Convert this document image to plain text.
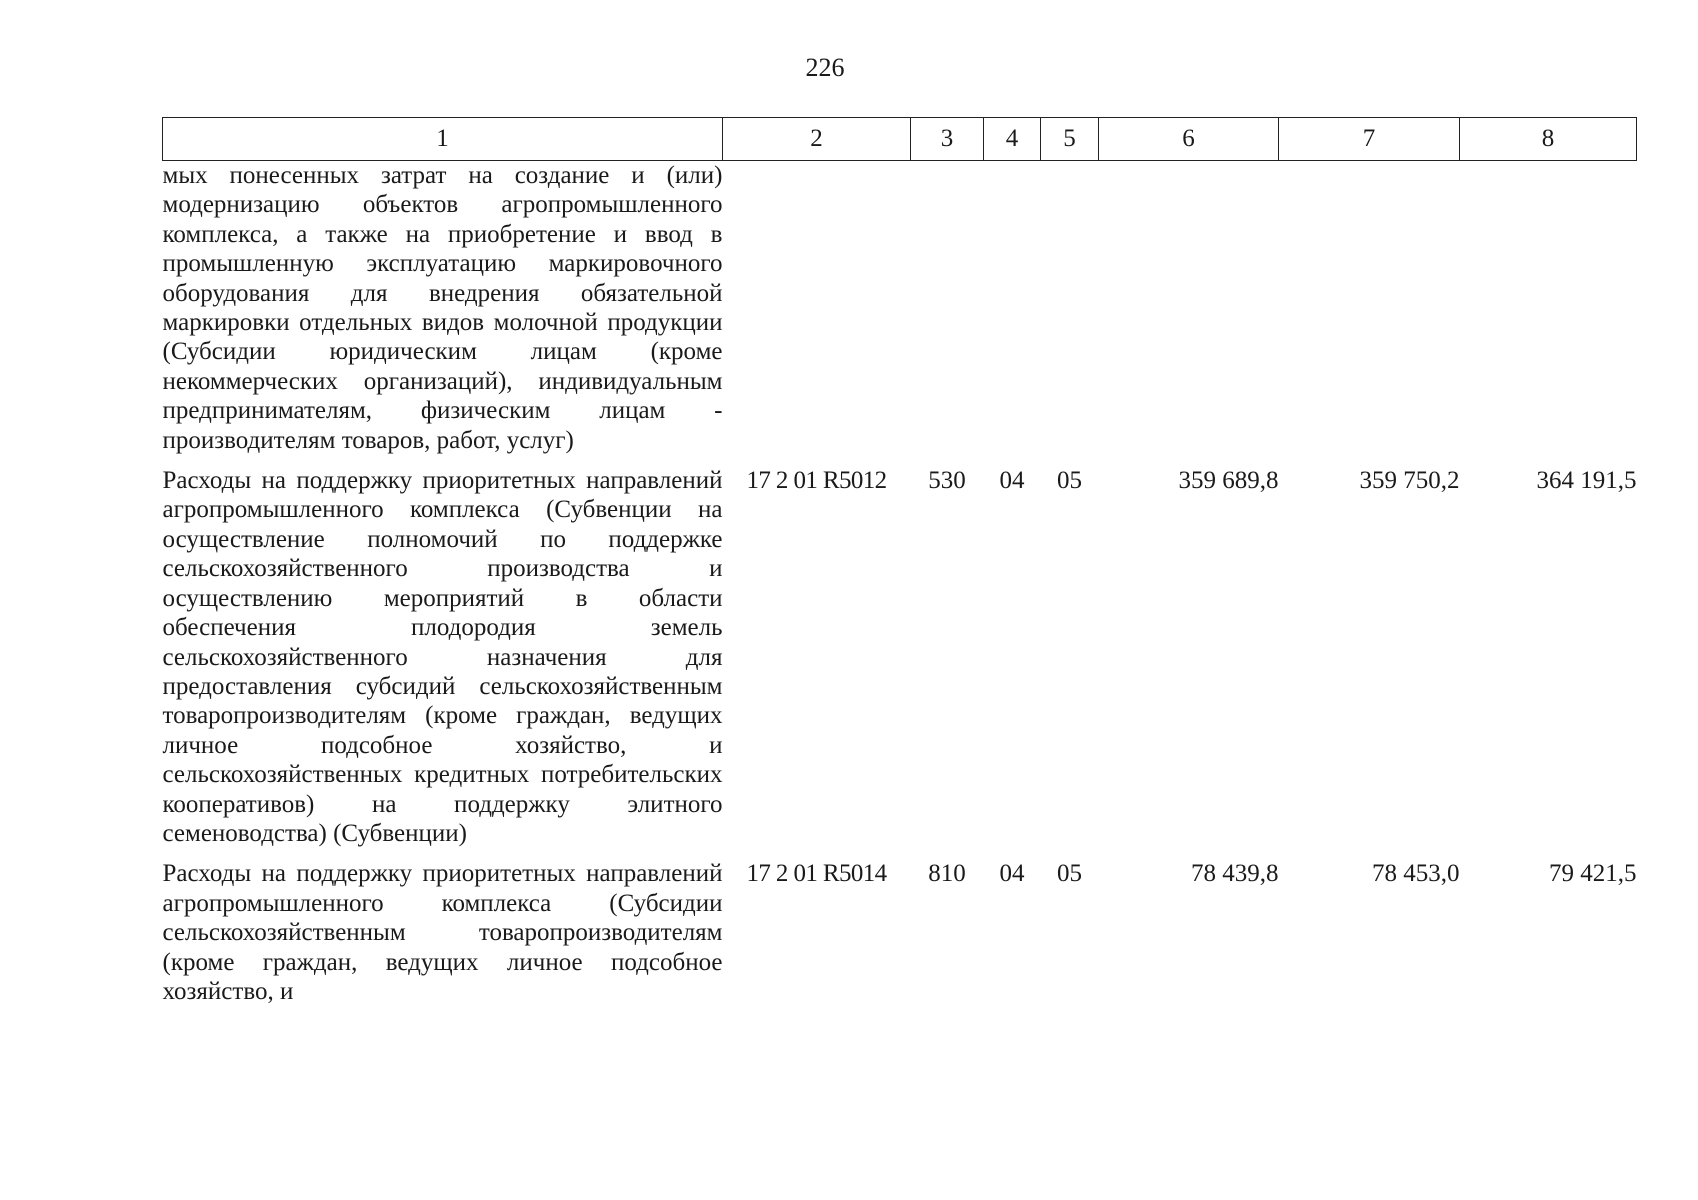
226
1	2	3	4	5	6	7	8
мых понесенных затрат на создание и (или) модернизацию объектов агропромышленного комплекса, а также на приобретение и ввод в промышленную эксплуатацию маркировочного оборудования для внедрения обязательной маркировки отдельных видов молочной продукции (Субсидии юридическим лицам (кроме некоммерческих организаций), индивидуальным предпринимателям, физическим лицам - производителям товаров, работ, услуг)							
Расходы на поддержку приоритетных направлений агропромышленного комплекса (Субвенции на осуществление полномочий по поддержке сельскохозяйственного производства и осуществлению мероприятий в области обеспечения плодородия земель сельскохозяйственного назначения для предоставления субсидий сельскохозяйственным товаропроизводителям (кроме граждан, ведущих личное подсобное хозяйство, и сельскохозяйственных кредитных потребительских кооперативов) на поддержку элитного семеноводства) (Субвенции)	17 2 01 R5012	530	04	05	359 689,8	359 750,2	364 191,5
Расходы на поддержку приоритетных направлений агропромышленного комплекса (Субсидии сельскохозяйственным товаропроизводителям (кроме граждан, ведущих личное подсобное хозяйство, и	17 2 01 R5014	810	04	05	78 439,8	78 453,0	79 421,5
